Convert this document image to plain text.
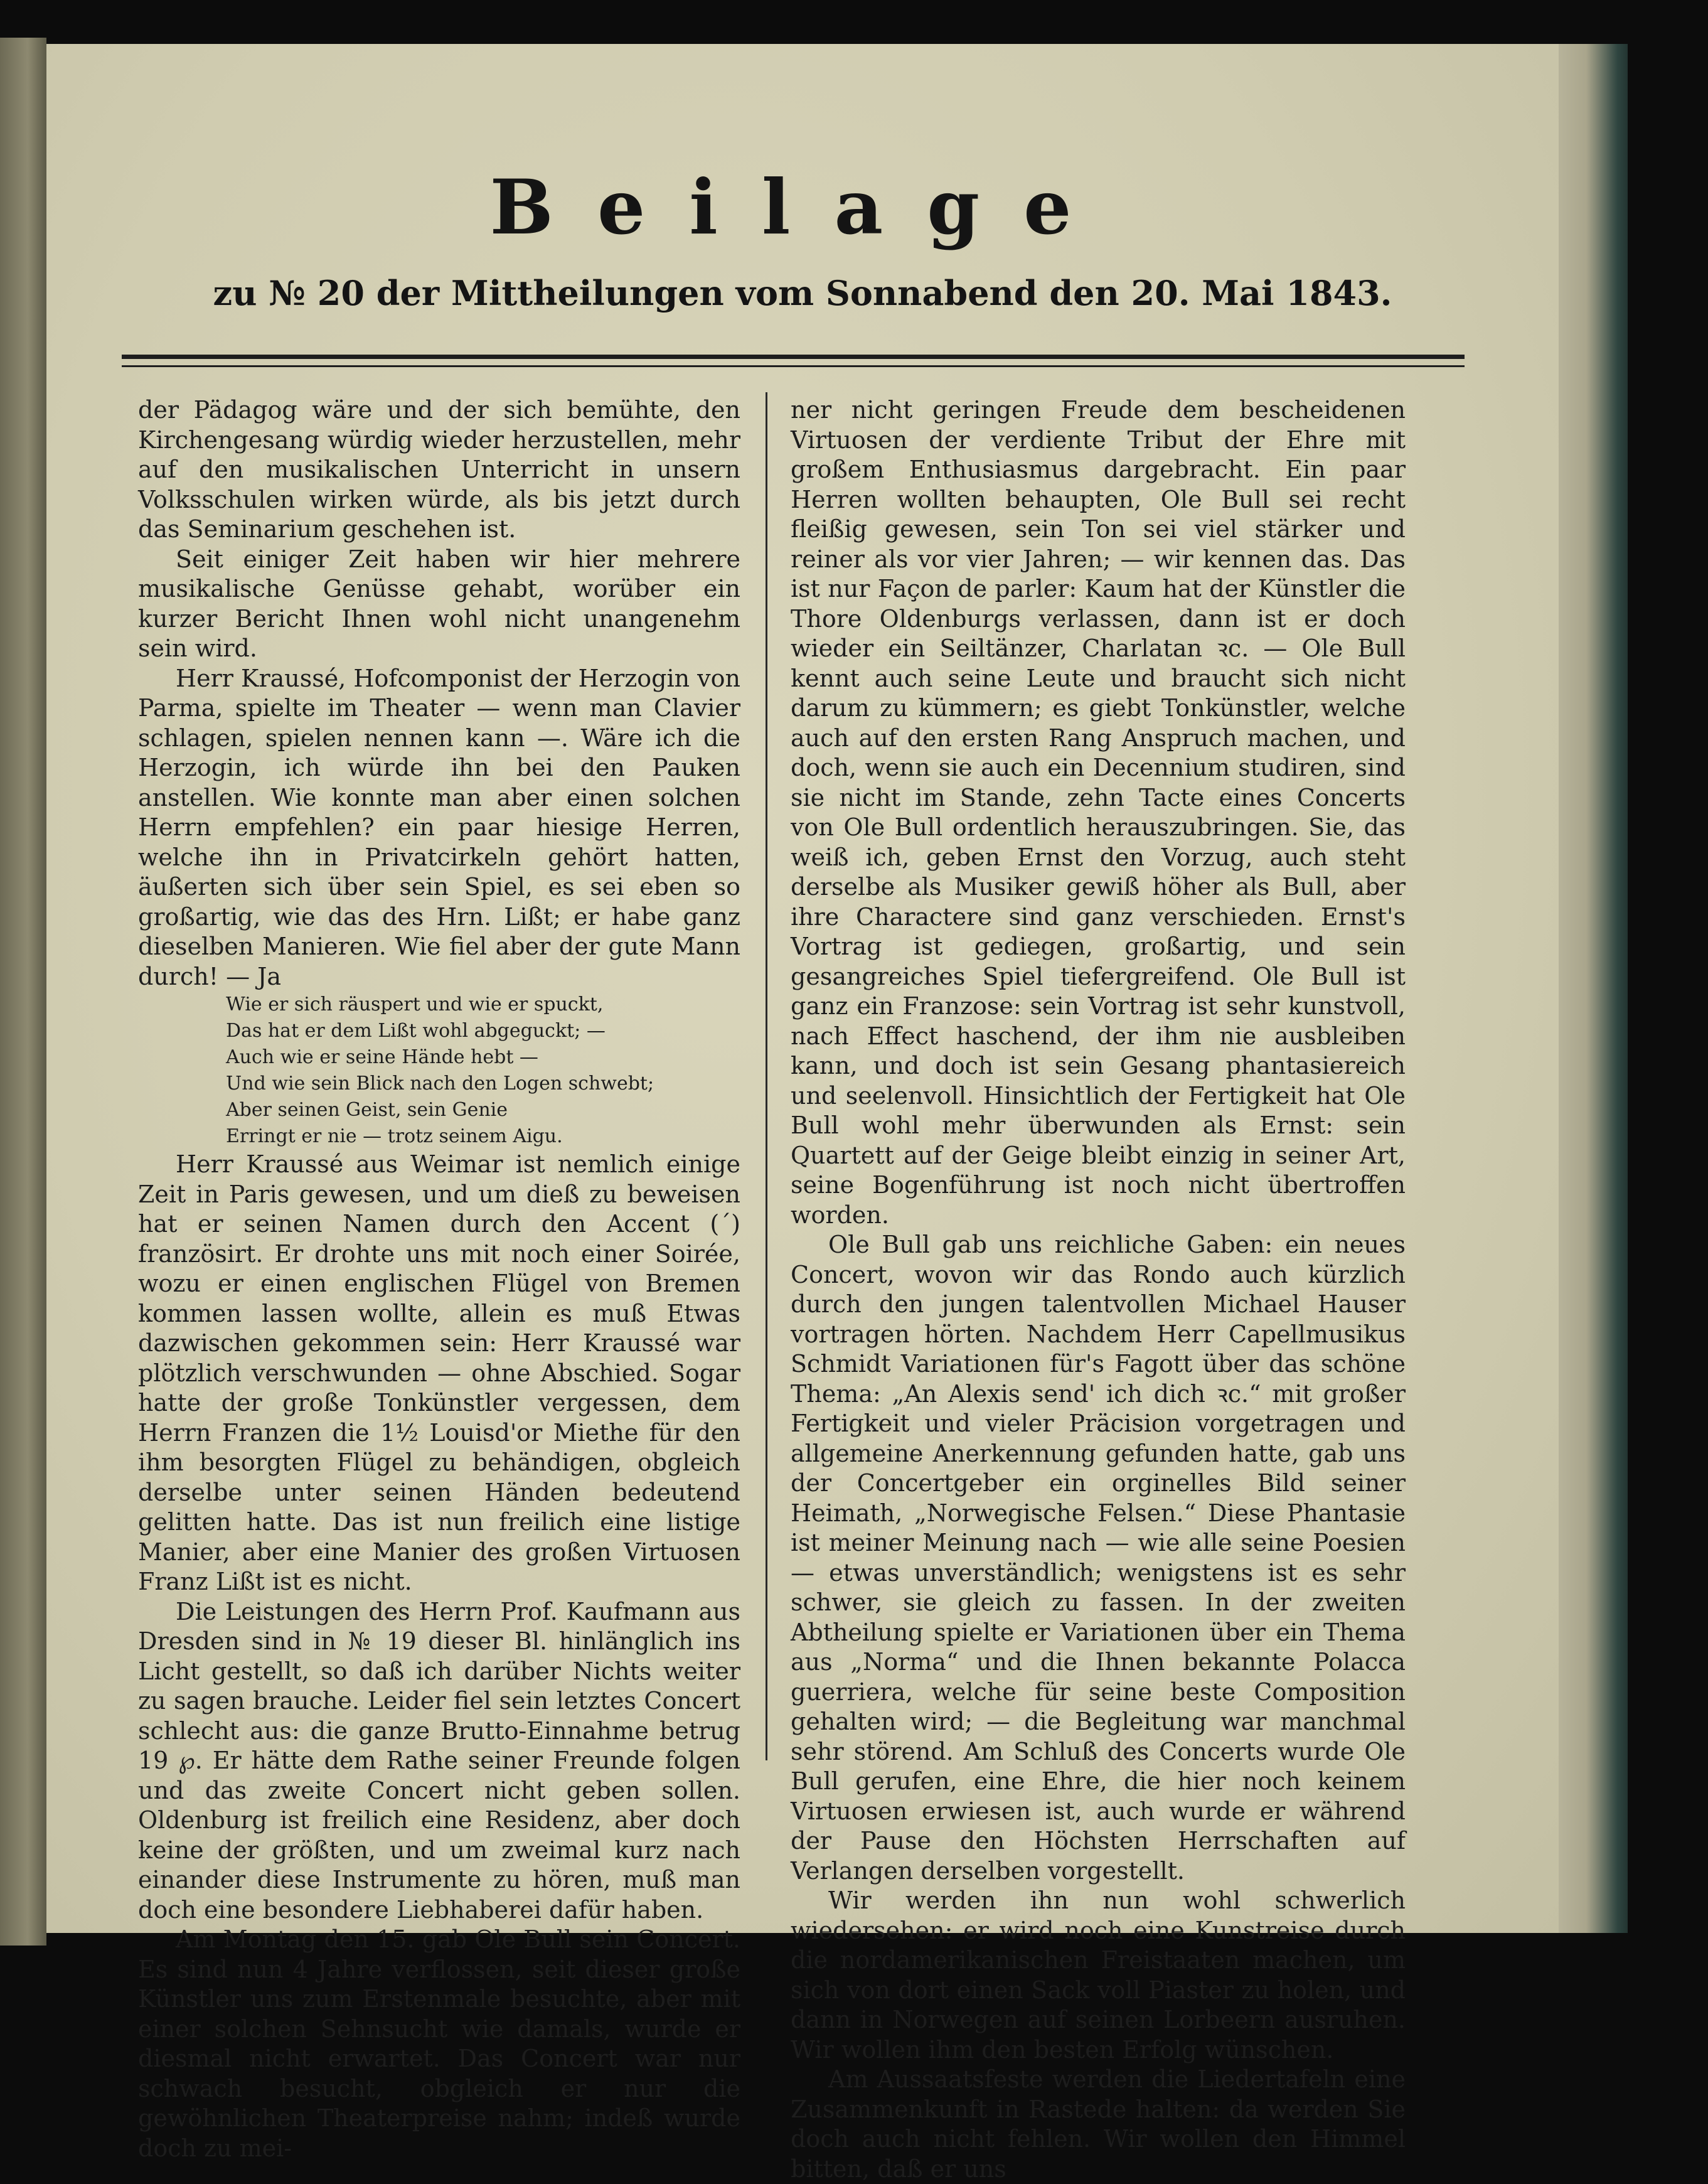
Beilage
zu № 20 der Mittheilungen vom Sonnabend den 20. Mai 1843.

der Pädagog wäre und der sich bemühte, den Kirchengesang würdig wieder herzustellen, mehr auf den musikalischen Unterricht in unsern Volksschulen wirken würde, als bis jetzt durch das Seminarium geschehen ist.

Seit einiger Zeit haben wir hier mehrere musikalische Genüsse gehabt, worüber ein kurzer Bericht Ihnen wohl nicht unangenehm sein wird.

Herr Kraussé, Hofcomponist der Herzogin von Parma, spielte im Theater — wenn man Clavier schlagen, spielen nennen kann —. Wäre ich die Herzogin, ich würde ihn bei den Pauken anstellen. Wie konnte man aber einen solchen Herrn empfehlen? ein paar hiesige Herren, welche ihn in Privatcirkeln gehört hatten, äußerten sich über sein Spiel, es sei eben so großartig, wie das des Hrn. Lißt; er habe ganz dieselben Manieren. Wie fiel aber der gute Mann durch! — Ja

Wie er sich räuspert und wie er spuckt,
Das hat er dem Lißt wohl abgeguckt; —
Auch wie er seine Hände hebt —
Und wie sein Blick nach den Logen schwebt;
Aber seinen Geist, sein Genie
Erringt er nie — trotz seinem Aigu.

Herr Kraussé aus Weimar ist nemlich einige Zeit in Paris gewesen, und um dieß zu beweisen hat er seinen Namen durch den Accent (´) französirt. Er drohte uns mit noch einer Soirée, wozu er einen englischen Flügel von Bremen kommen lassen wollte, allein es muß Etwas dazwischen gekommen sein: Herr Kraussé war plötzlich verschwunden — ohne Abschied. Sogar hatte der große Tonkünstler vergessen, dem Herrn Franzen die 1½ Louisd'or Miethe für den ihm besorgten Flügel zu behändigen, obgleich derselbe unter seinen Händen bedeutend gelitten hatte. Das ist nun freilich eine listige Manier, aber eine Manier des großen Virtuosen Franz Lißt ist es nicht.

Die Leistungen des Herrn Prof. Kaufmann aus Dresden sind in № 19 dieser Bl. hinlänglich ins Licht gestellt, so daß ich darüber Nichts weiter zu sagen brauche. Leider fiel sein letztes Concert schlecht aus: die ganze Brutto-Einnahme betrug 19 ℘. Er hätte dem Rathe seiner Freunde folgen und das zweite Concert nicht geben sollen. Oldenburg ist freilich eine Residenz, aber doch keine der größten, und um zweimal kurz nach einander diese Instrumente zu hören, muß man doch eine besondere Liebhaberei dafür haben.

Am Montag den 15. gab Ole Bull sein Concert. Es sind nun 4 Jahre verflossen, seit dieser große Künstler uns zum Erstenmale besuchte, aber mit einer solchen Sehnsucht wie damals, wurde er diesmal nicht erwartet. Das Concert war nur schwach besucht, obgleich er nur die gewöhnlichen Theaterpreise nahm; indeß wurde doch zu mei-

ner nicht geringen Freude dem bescheidenen Virtuosen der verdiente Tribut der Ehre mit großem Enthusiasmus dargebracht. Ein paar Herren wollten behaupten, Ole Bull sei recht fleißig gewesen, sein Ton sei viel stärker und reiner als vor vier Jahren; — wir kennen das. Das ist nur Façon de parler: Kaum hat der Künstler die Thore Oldenburgs verlassen, dann ist er doch wieder ein Seiltänzer, Charlatan ꝛc. — Ole Bull kennt auch seine Leute und braucht sich nicht darum zu kümmern; es giebt Tonkünstler, welche auch auf den ersten Rang Anspruch machen, und doch, wenn sie auch ein Decennium studiren, sind sie nicht im Stande, zehn Tacte eines Concerts von Ole Bull ordentlich herauszubringen. Sie, das weiß ich, geben Ernst den Vorzug, auch steht derselbe als Musiker gewiß höher als Bull, aber ihre Charactere sind ganz verschieden. Ernst's Vortrag ist gediegen, großartig, und sein gesangreiches Spiel tiefergreifend. Ole Bull ist ganz ein Franzose: sein Vortrag ist sehr kunstvoll, nach Effect haschend, der ihm nie ausbleiben kann, und doch ist sein Gesang phantasiereich und seelenvoll. Hinsichtlich der Fertigkeit hat Ole Bull wohl mehr überwunden als Ernst: sein Quartett auf der Geige bleibt einzig in seiner Art, seine Bogenführung ist noch nicht übertroffen worden.

Ole Bull gab uns reichliche Gaben: ein neues Concert, wovon wir das Rondo auch kürzlich durch den jungen talentvollen Michael Hauser vortragen hörten. Nachdem Herr Capellmusikus Schmidt Variationen für's Fagott über das schöne Thema: „An Alexis send' ich dich ꝛc.“ mit großer Fertigkeit und vieler Präcision vorgetragen und allgemeine Anerkennung gefunden hatte, gab uns der Concertgeber ein orginelles Bild seiner Heimath, „Norwegische Felsen.“ Diese Phantasie ist meiner Meinung nach — wie alle seine Poesien — etwas unverständlich; wenigstens ist es sehr schwer, sie gleich zu fassen. In der zweiten Abtheilung spielte er Variationen über ein Thema aus „Norma“ und die Ihnen bekannte Polacca guerriera, welche für seine beste Composition gehalten wird; — die Begleitung war manchmal sehr störend. Am Schluß des Concerts wurde Ole Bull gerufen, eine Ehre, die hier noch keinem Virtuosen erwiesen ist, auch wurde er während der Pause den Höchsten Herrschaften auf Verlangen derselben vorgestellt.

Wir werden ihn nun wohl schwerlich wiedersehen: er wird noch eine Kunstreise durch die nordamerikanischen Freistaaten machen, um sich von dort einen Sack voll Piaster zu holen, und dann in Norwegen auf seinen Lorbeern ausruhen. Wir wollen ihm den besten Erfolg wünschen.

Am Aussaatsfeste werden die Liedertafeln eine Zusammenkunft in Rastede halten: da werden Sie doch auch nicht fehlen. Wir wollen den Himmel bitten, daß er uns
